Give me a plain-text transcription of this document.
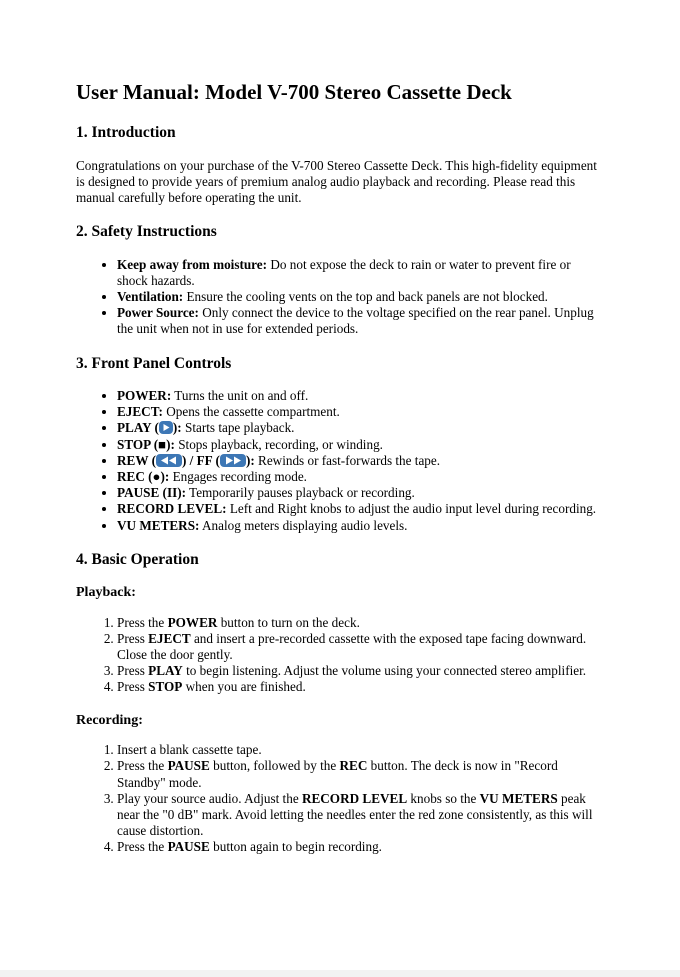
User Manual: Model V-700 Stereo Cassette Deck
1. Introduction

Congratulations on your purchase of the V-700 Stereo Cassette Deck. This high-fidelity equipment is designed to provide years of premium analog audio playback and recording. Please read this manual carefully before operating the unit.

2. Safety Instructions
• Keep away from moisture: Do not expose the deck to rain or water to prevent fire or shock hazards.
• Ventilation: Ensure the cooling vents on the top and back panels are not blocked.
• Power Source: Only connect the device to the voltage specified on the rear panel. Unplug the unit when not in use for extended periods.
3. Front Panel Controls
• POWER: Turns the unit on and off.
• EJECT: Opens the cassette compartment.
• PLAY ( ): Starts tape playback.
• STOP (■): Stops playback, recording, or winding.
• REW ( ) / FF ( ): Rewinds or fast-forwards the tape.
• REC (●): Engages recording mode.
• PAUSE (II): Temporarily pauses playback or recording.
• RECORD LEVEL: Left and Right knobs to adjust the audio input level during recording.
• VU METERS: Analog meters displaying audio levels.
4. Basic Operation
Playback:
1. Press the POWER button to turn on the deck.
2. Press EJECT and insert a pre-recorded cassette with the exposed tape facing downward. Close the door gently.
3. Press PLAY to begin listening. Adjust the volume using your connected stereo amplifier.
4. Press STOP when you are finished.
Recording:
1. Insert a blank cassette tape.
2. Press the PAUSE button, followed by the REC button. The deck is now in "Record Standby" mode.
3. Play your source audio. Adjust the RECORD LEVEL knobs so the VU METERS peak near the "0 dB" mark. Avoid letting the needles enter the red zone consistently, as this will cause distortion.
4. Press the PAUSE button again to begin recording.
